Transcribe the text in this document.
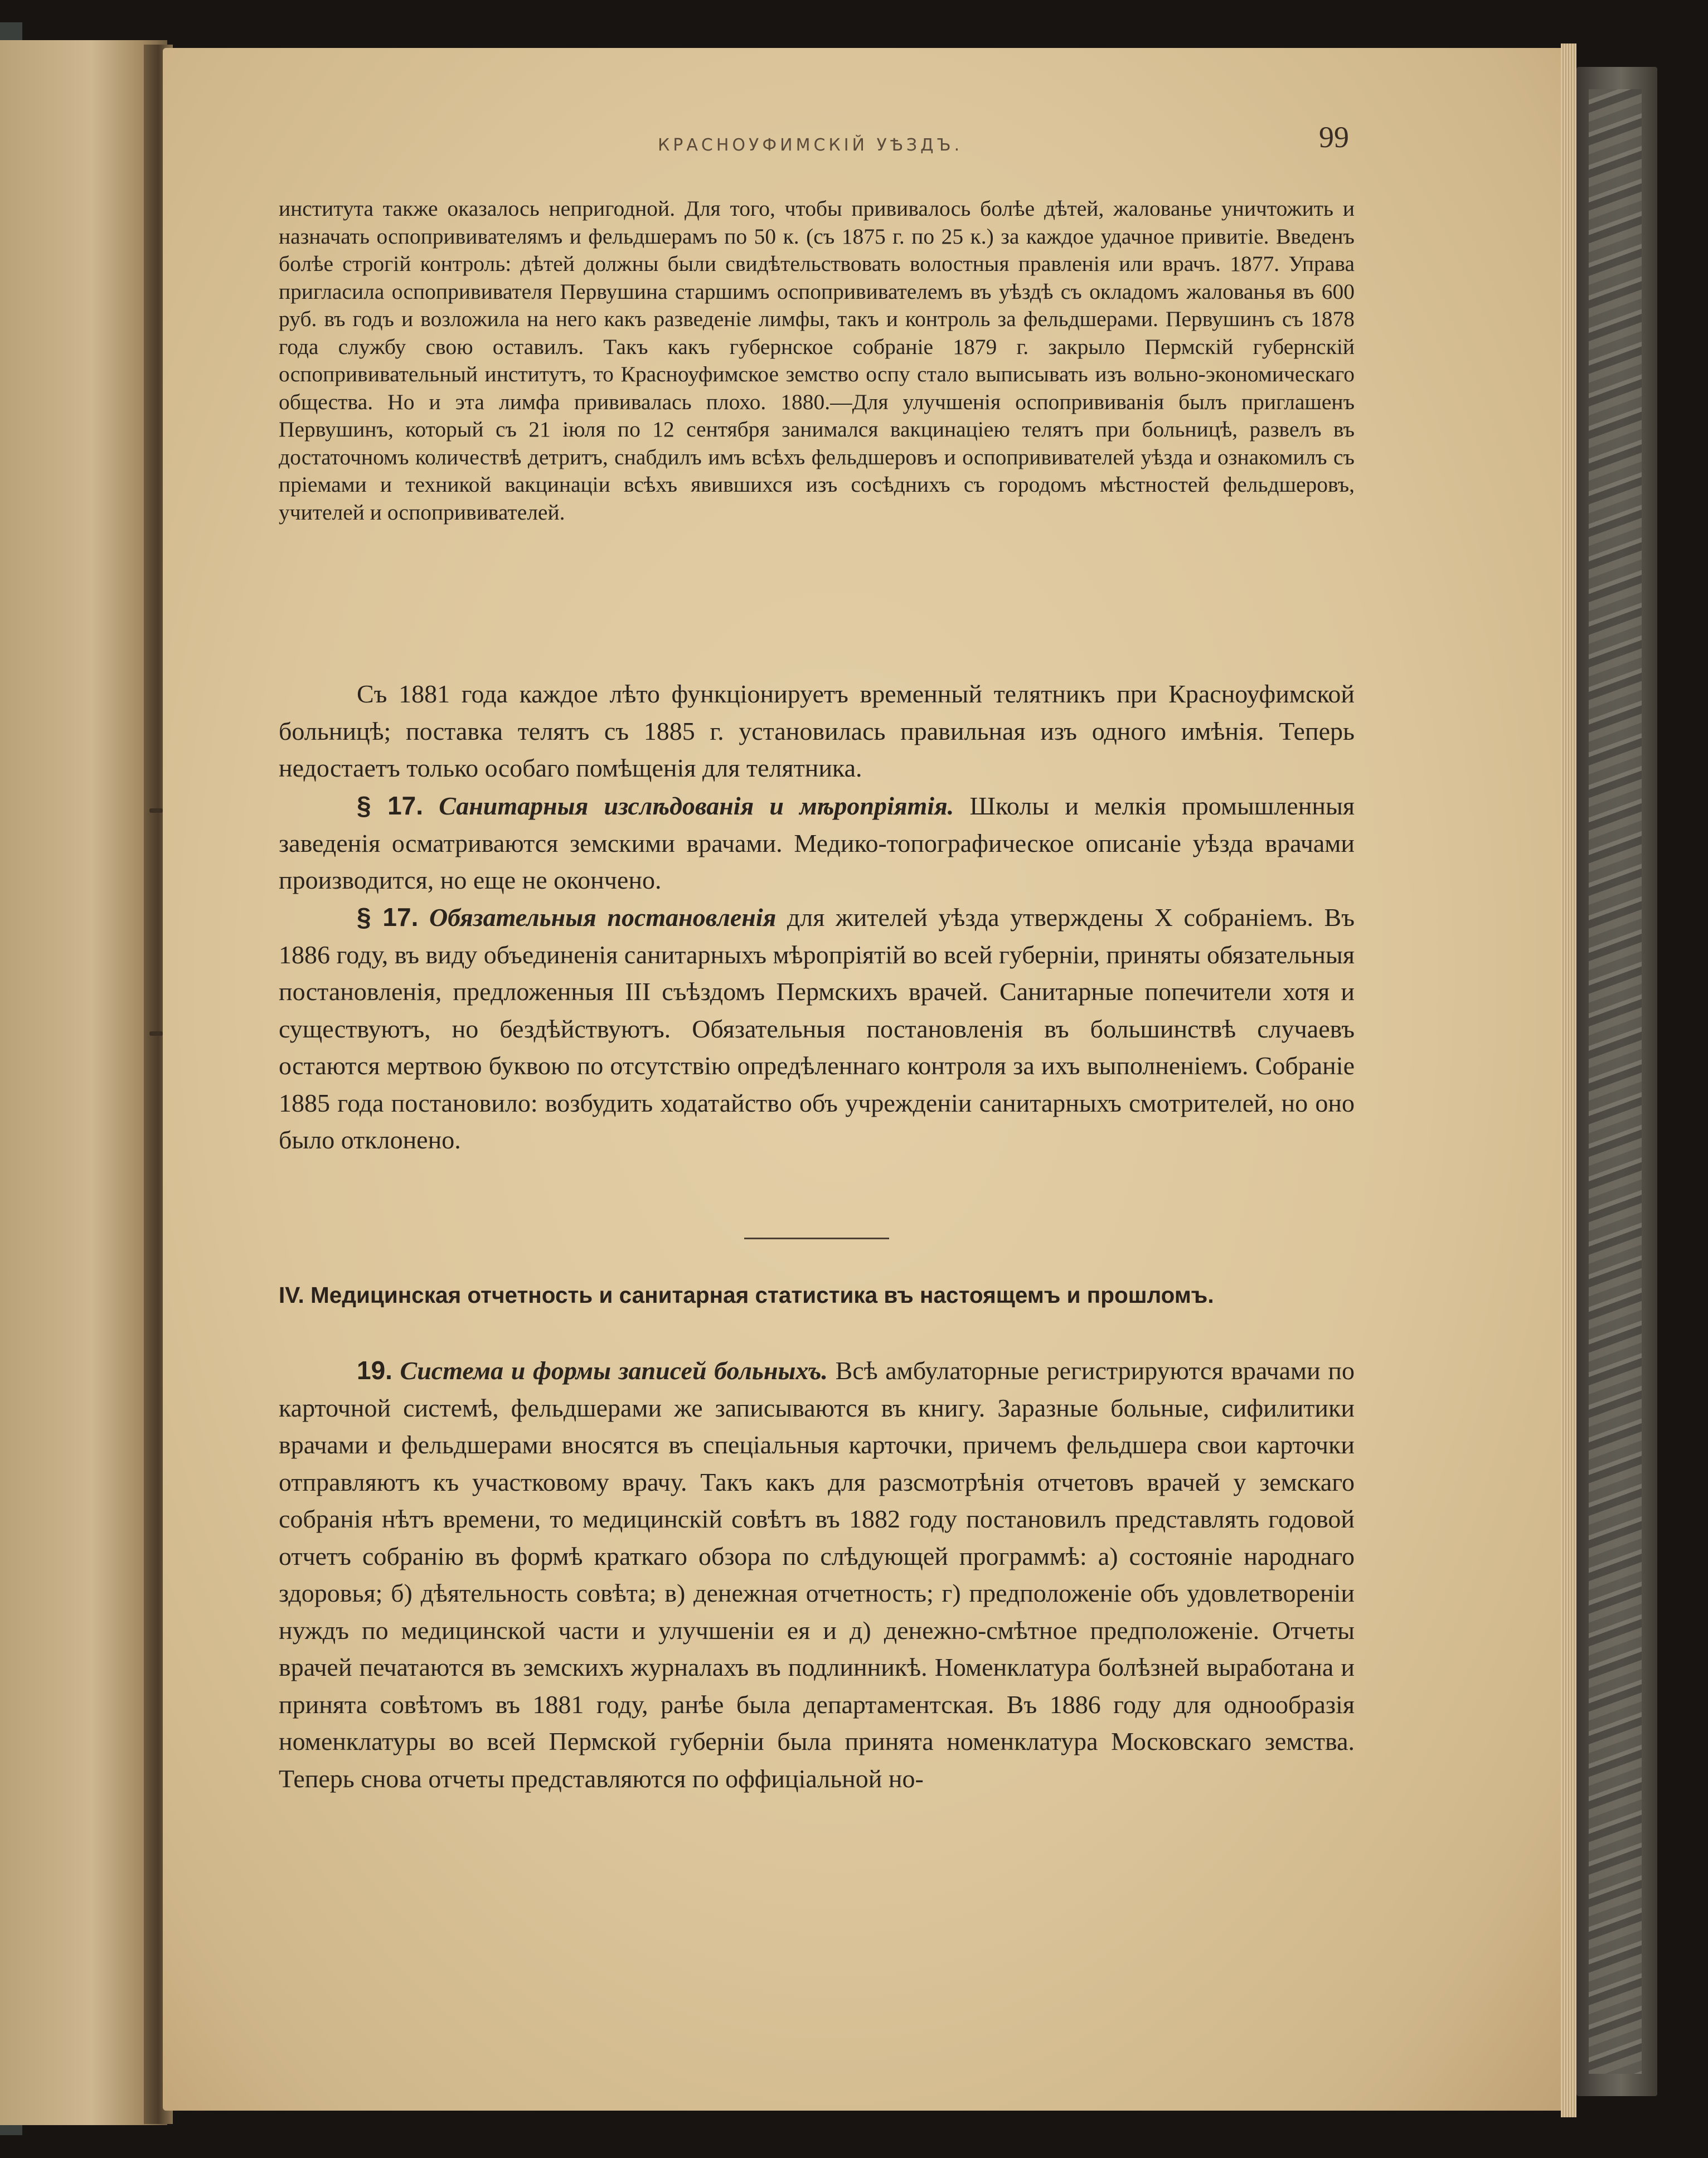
КРАСНОУФИМСКІЙ УѢЗДЪ.	99

института также оказалось непригодной. Для того, чтобы прививалось болѣе дѣтей, жалованье уничтожить и назначать оспопрививателямъ и фельдшерамъ по 50 к. (съ 1875 г. по 25 к.) за каждое удачное привитіе. Введенъ болѣе строгій контроль: дѣтей должны были свидѣтельствовать волостныя правленія или врачъ. 1877. Управа пригласила оспопрививателя Первушина старшимъ оспопрививателемъ въ уѣздѣ съ окладомъ жалованья въ 600 руб. въ годъ и возложила на него какъ разведеніе лимфы, такъ и контроль за фельдшерами. Первушинъ съ 1878 года службу свою оставилъ. Такъ какъ губернское собраніе 1879 г. закрыло Пермскій губернскій оспопрививательный институтъ, то Красноуфимское земство оспу стало выписывать изъ вольно-экономическаго общества. Но и эта лимфа прививалась плохо. 1880.—Для улучшенія оспопрививанія былъ приглашенъ Первушинъ, который съ 21 іюля по 12 сентября занимался вакцинаціею телятъ при больницѣ, развелъ въ достаточномъ количествѣ детритъ, снабдилъ имъ всѣхъ фельдшеровъ и оспопрививателей уѣзда и ознакомилъ съ пріемами и техникой вакцинаціи всѣхъ явившихся изъ сосѣднихъ съ городомъ мѣстностей фельдшеровъ, учителей и оспопрививателей.

Съ 1881 года каждое лѣто функціонируетъ временный телятникъ при Красноуфимской больницѣ; поставка телятъ съ 1885 г. установилась правильная изъ одного имѣнія. Теперь недостаетъ только особаго помѣщенія для телятника.

§ 17. Санитарныя изслѣдованія и мѣропріятія. Школы и мелкія промышленныя заведенія осматриваются земскими врачами. Медико-топографическое описаніе уѣзда врачами производится, но еще не окончено.

§ 17. Обязательныя постановленія для жителей уѣзда утверждены X собраніемъ. Въ 1886 году, въ виду объединенія санитарныхъ мѣропріятій во всей губерніи, приняты обязательныя постановленія, предложенныя III съѣздомъ Пермскихъ врачей. Санитарные попечители хотя и существуютъ, но бездѣйствуютъ. Обязательныя постановленія въ большинствѣ случаевъ остаются мертвою буквою по отсутствію опредѣленнаго контроля за ихъ выполненіемъ. Собраніе 1885 года постановило: возбудить ходатайство объ учрежденіи санитарныхъ смотрителей, но оно было отклонено.

IV. Медицинская отчетность и санитарная статистика въ настоящемъ и прошломъ.

19. Система и формы записей больныхъ. Всѣ амбулаторные регистрируются врачами по карточной системѣ, фельдшерами же записываются въ книгу. Заразные больные, сифилитики врачами и фельдшерами вносятся въ спеціальныя карточки, причемъ фельдшера свои карточки отправляютъ къ участковому врачу. Такъ какъ для разсмотрѣнія отчетовъ врачей у земскаго собранія нѣтъ времени, то медицинскій совѣтъ въ 1882 году постановилъ представлять годовой отчетъ собранію въ формѣ краткаго обзора по слѣдующей программѣ: а) состояніе народнаго здоровья; б) дѣятельность совѣта; в) денежная отчетность; г) предположеніе объ удовлетвореніи нуждъ по медицинской части и улучшеніи ея и д) денежно-смѣтное предположеніе. Отчеты врачей печатаются въ земскихъ журналахъ въ подлинникѣ. Номенклатура болѣзней выработана и принята совѣтомъ въ 1881 году, ранѣе была департаментская. Въ 1886 году для однообразія номенклатуры во всей Пермской губерніи была принята номенклатура Московскаго земства. Теперь снова отчеты представляются по оффиціальной но-
